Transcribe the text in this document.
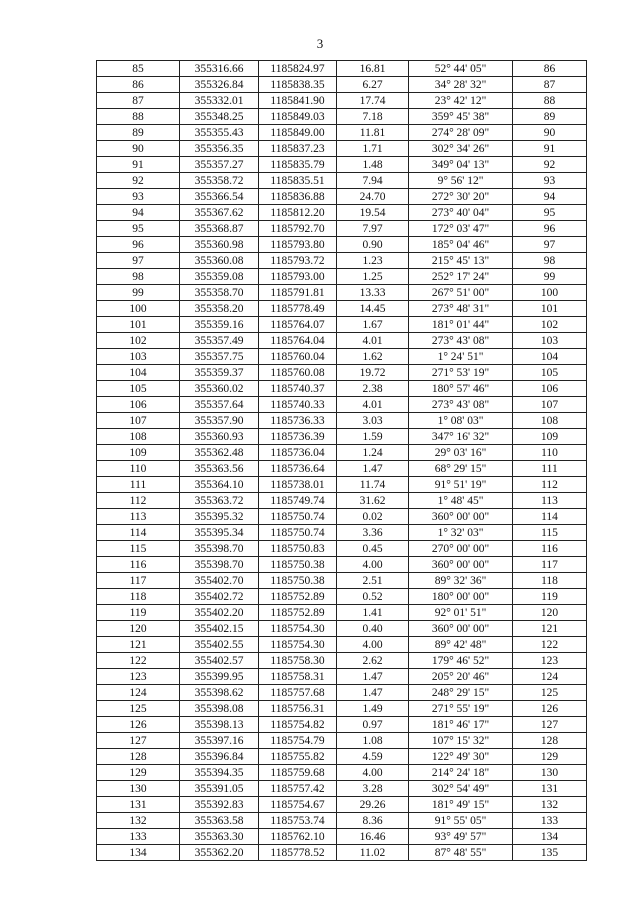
3
85	355316.66	1185824.97	16.81	52° 44' 05"	86
86	355326.84	1185838.35	6.27	34° 28' 32"	87
87	355332.01	1185841.90	17.74	23° 42' 12"	88
88	355348.25	1185849.03	7.18	359° 45' 38"	89
89	355355.43	1185849.00	11.81	274° 28' 09"	90
90	355356.35	1185837.23	1.71	302° 34' 26"	91
91	355357.27	1185835.79	1.48	349° 04' 13"	92
92	355358.72	1185835.51	7.94	9° 56' 12"	93
93	355366.54	1185836.88	24.70	272° 30' 20"	94
94	355367.62	1185812.20	19.54	273° 40' 04"	95
95	355368.87	1185792.70	7.97	172° 03' 47"	96
96	355360.98	1185793.80	0.90	185° 04' 46"	97
97	355360.08	1185793.72	1.23	215° 45' 13"	98
98	355359.08	1185793.00	1.25	252° 17' 24"	99
99	355358.70	1185791.81	13.33	267° 51' 00"	100
100	355358.20	1185778.49	14.45	273° 48' 31"	101
101	355359.16	1185764.07	1.67	181° 01' 44"	102
102	355357.49	1185764.04	4.01	273° 43' 08"	103
103	355357.75	1185760.04	1.62	1° 24' 51"	104
104	355359.37	1185760.08	19.72	271° 53' 19"	105
105	355360.02	1185740.37	2.38	180° 57' 46"	106
106	355357.64	1185740.33	4.01	273° 43' 08"	107
107	355357.90	1185736.33	3.03	1° 08' 03"	108
108	355360.93	1185736.39	1.59	347° 16' 32"	109
109	355362.48	1185736.04	1.24	29° 03' 16"	110
110	355363.56	1185736.64	1.47	68° 29' 15"	111
111	355364.10	1185738.01	11.74	91° 51' 19"	112
112	355363.72	1185749.74	31.62	1° 48' 45"	113
113	355395.32	1185750.74	0.02	360° 00' 00"	114
114	355395.34	1185750.74	3.36	1° 32' 03"	115
115	355398.70	1185750.83	0.45	270° 00' 00"	116
116	355398.70	1185750.38	4.00	360° 00' 00"	117
117	355402.70	1185750.38	2.51	89° 32' 36"	118
118	355402.72	1185752.89	0.52	180° 00' 00"	119
119	355402.20	1185752.89	1.41	92° 01' 51"	120
120	355402.15	1185754.30	0.40	360° 00' 00"	121
121	355402.55	1185754.30	4.00	89° 42' 48"	122
122	355402.57	1185758.30	2.62	179° 46' 52"	123
123	355399.95	1185758.31	1.47	205° 20' 46"	124
124	355398.62	1185757.68	1.47	248° 29' 15"	125
125	355398.08	1185756.31	1.49	271° 55' 19"	126
126	355398.13	1185754.82	0.97	181° 46' 17"	127
127	355397.16	1185754.79	1.08	107° 15' 32"	128
128	355396.84	1185755.82	4.59	122° 49' 30"	129
129	355394.35	1185759.68	4.00	214° 24' 18"	130
130	355391.05	1185757.42	3.28	302° 54' 49"	131
131	355392.83	1185754.67	29.26	181° 49' 15"	132
132	355363.58	1185753.74	8.36	91° 55' 05"	133
133	355363.30	1185762.10	16.46	93° 49' 57"	134
134	355362.20	1185778.52	11.02	87° 48' 55"	135
